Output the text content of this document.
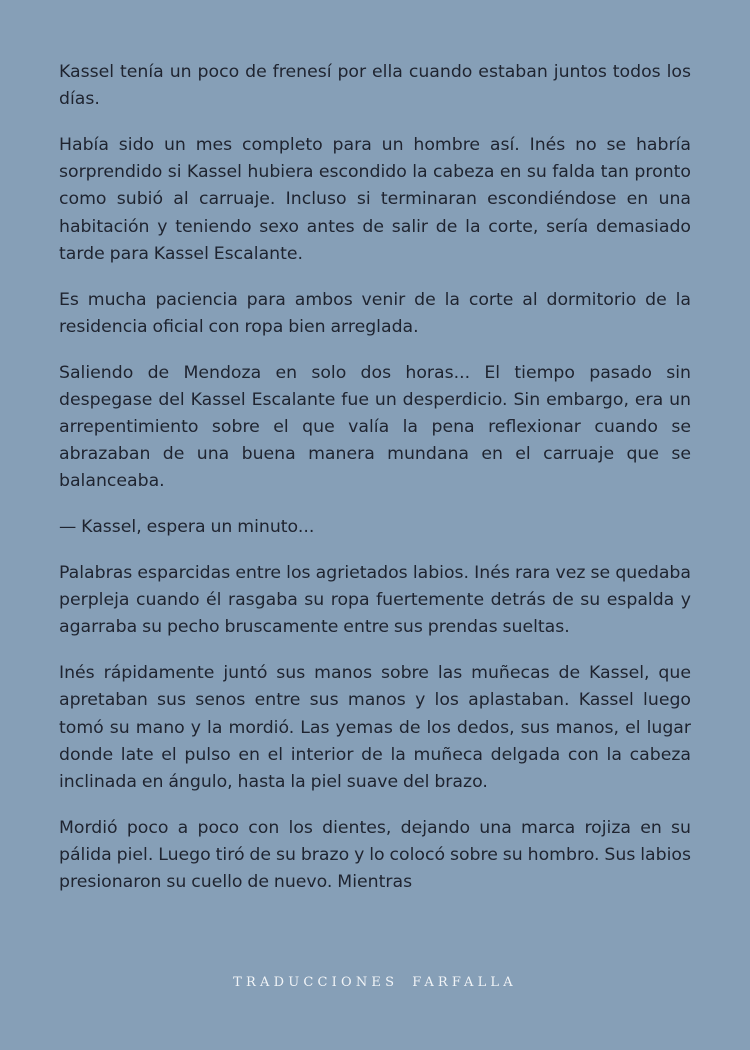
Kassel tenía un poco de frenesí por ella cuando estaban juntos todos los días.

Había sido un mes completo para un hombre así. Inés no se habría sorprendido si Kassel hubiera escondido la cabeza en su falda tan pronto como subió al carruaje. Incluso si terminaran escondiéndose en una habitación y teniendo sexo antes de salir de la corte, sería demasiado tarde para Kassel Escalante.

Es mucha paciencia para ambos venir de la corte al dormitorio de la residencia oficial con ropa bien arreglada.

Saliendo de Mendoza en solo dos horas... El tiempo pasado sin despegase del Kassel Escalante fue un desperdicio. Sin embargo, era un arrepentimiento sobre el que valía la pena reflexionar cuando se abrazaban de una buena manera mundana en el carruaje que se balanceaba.

— Kassel, espera un minuto...

Palabras esparcidas entre los agrietados labios. Inés rara vez se quedaba perpleja cuando él rasgaba su ropa fuertemente detrás de su espalda y agarraba su pecho bruscamente entre sus prendas sueltas.

Inés rápidamente juntó sus manos sobre las muñecas de Kassel, que apretaban sus senos entre sus manos y los aplastaban. Kassel luego tomó su mano y la mordió. Las yemas de los dedos, sus manos, el lugar donde late el pulso en el interior de la muñeca delgada con la cabeza inclinada en ángulo, hasta la piel suave del brazo.

Mordió poco a poco con los dientes, dejando una marca rojiza en su pálida piel. Luego tiró de su brazo y lo colocó sobre su hombro. Sus labios presionaron su cuello de nuevo. Mientras

TRADUCCIONES FARFALLA
